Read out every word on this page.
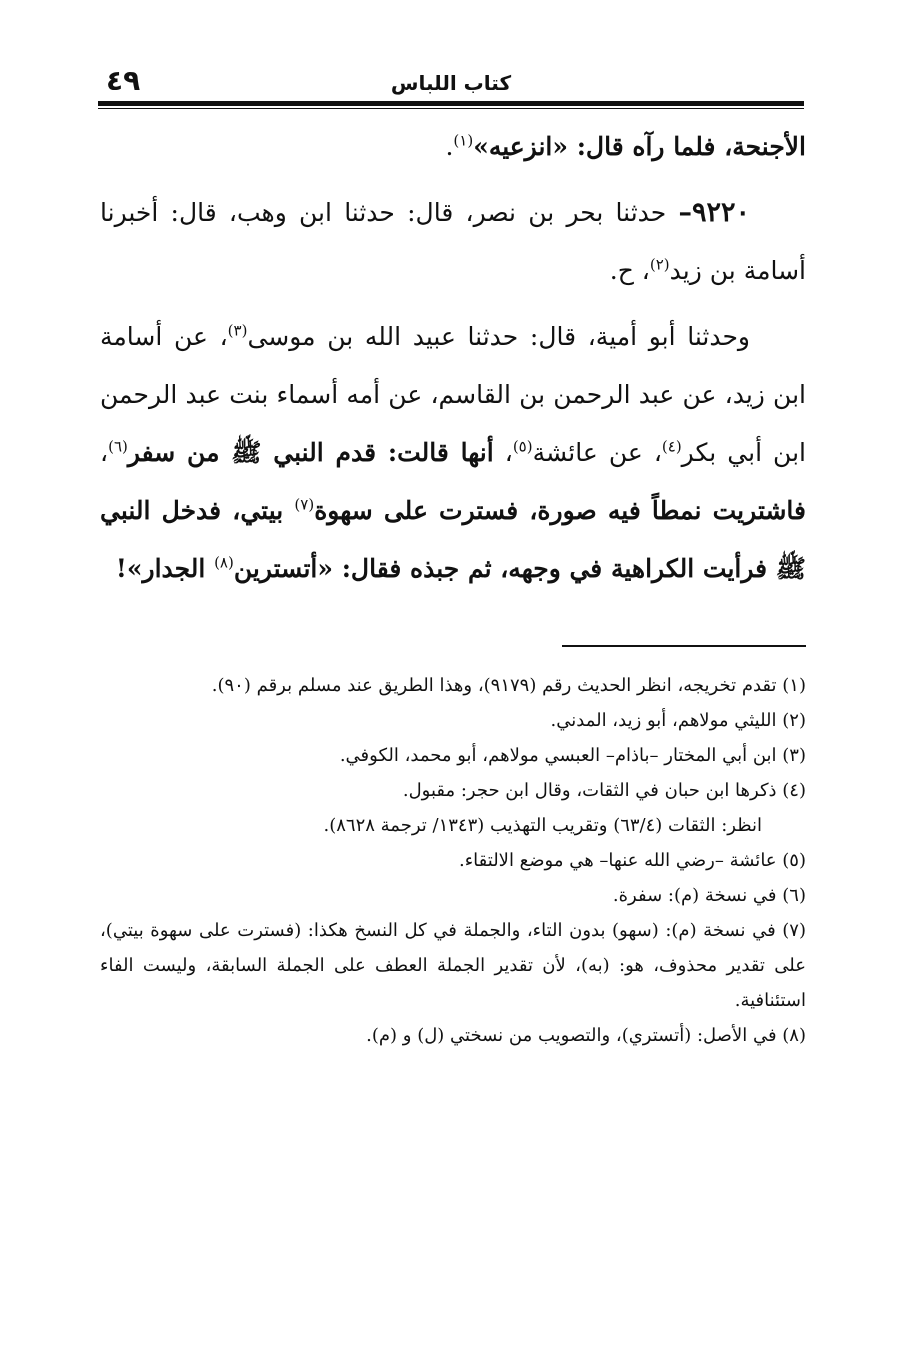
٤٩	كتاب اللباس

الأجنحة، فلما رآه قال: «انزعيه»$^{(١)}$.

٩٢٢٠– حدثنا بحر بن نصر، قال: حدثنا ابن وهب، قال: أخبرنا أسامة بن زيد$^{(٢)}$، ح.

وحدثنا أبو أمية، قال: حدثنا عبيد الله بن موسى$^{(٣)}$، عن أسامة ابن زيد، عن عبد الرحمن بن القاسم، عن أمه أسماء بنت عبد الرحمن ابن أبي بكر$^{(٤)}$، عن عائشة$^{(٥)}$، أنها قالت: قدم النبي ﷺ من سفر$^{(٦)}$، فاشتريت نمطاً فيه صورة، فسترت على سهوة$^{(٧)}$ بيتي، فدخل النبي ﷺ فرأيت الكراهية في وجهه، ثم جبذه فقال: «أتسترين$^{(٨)}$ الجدار»!

(١) تقدم تخريجه، انظر الحديث رقم (٩١٧٩)، وهذا الطريق عند مسلم برقم (٩٠).

(٢) الليثي مولاهم، أبو زيد، المدني.

(٣) ابن أبي المختار –باذام– العبسي مولاهم، أبو محمد، الكوفي.

(٤) ذكرها ابن حبان في الثقات، وقال ابن حجر: مقبول.

انظر: الثقات (٦٣/٤) وتقريب التهذيب (١٣٤٣/ ترجمة ٨٦٢٨).

(٥) عائشة –رضي الله عنها– هي موضع الالتقاء.

(٦) في نسخة (م): سفرة.

(٧) في نسخة (م): (سهو) بدون التاء، والجملة في كل النسخ هكذا: (فسترت على سهوة بيتي)، على تقدير محذوف، هو: (به)، لأن تقدير الجملة العطف على الجملة السابقة، وليست الفاء استئنافية.

(٨) في الأصل: (أتستري)، والتصويب من نسختي (ل) و (م).
